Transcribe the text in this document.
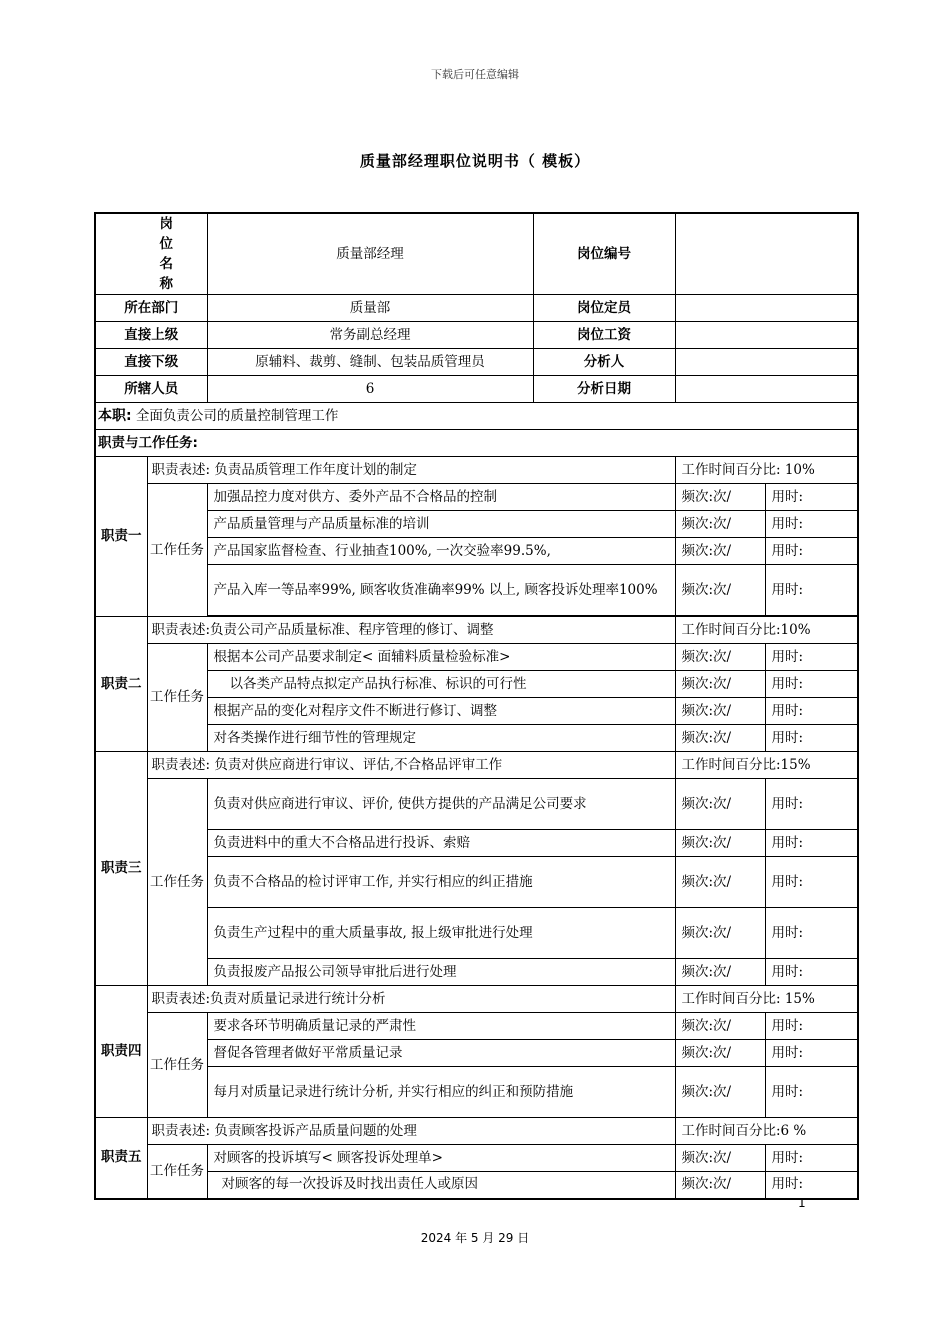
下载后可任意编辑
质量部经理职位说明书（ 模板）
岗位名称		质量部经理	岗位编号		
所在部门		质量部	岗位定员		
直接上级		常务副总经理	岗位工资		
直接下级		原辅料、裁剪、缝制、包装品质管理员	分析人		
所辖人员		6	分析日期		
本职: 全面负责公司的质量控制管理工作					
职责与工作任务:					
职责一	职责表述: 负责品质管理工作年度计划的制定			工作时间百分比: 10%	
	工作任务	加强品控力度对供方、委外产品不合格品的控制		频次:次/	用时:
		产品质量管理与产品质量标准的培训		频次:次/	用时:
		产品国家监督检查、行业抽查100%, 一次交验率99.5%,		频次:次/	用时:
		产品入库一等品率99%, 顾客收货准确率99% 以上, 顾客投诉处理率100%		频次:次/	用时:

职责二	职责表述:负责公司产品质量标准、程序管理的修订、调整			工作时间百分比:10%	
	工作任务	根据本公司产品要求制定< 面辅料质量检验标准>		频次:次/	用时:
		以各类产品特点拟定产品执行标准、标识的可行性		频次:次/	用时:
		根据产品的变化对程序文件不断进行修订、调整		频次:次/	用时:
		对各类操作进行细节性的管理规定		频次:次/	用时:
职责三	职责表述: 负责对供应商进行审议、评估,不合格品评审工作			工作时间百分比:15%	
	工作任务	负责对供应商进行审议、评价, 使供方提供的产品满足公司要求		频次:次/	用时:
		负责进料中的重大不合格品进行投诉、索赔		频次:次/	用时:
		负责不合格品的检讨评审工作, 并实行相应的纠正措施		频次:次/	用时:
		负责生产过程中的重大质量事故, 报上级审批进行处理		频次:次/	用时:
		负责报废产品报公司领导审批后进行处理		频次:次/	用时:
职责四	职责表述:负责对质量记录进行统计分析			工作时间百分比: 15%	
	工作任务	要求各环节明确质量记录的严肃性		频次:次/	用时:
		督促各管理者做好平常质量记录		频次:次/	用时:
		每月对质量记录进行统计分析, 并实行相应的纠正和预防措施		频次:次/	用时:
职责五	职责表述: 负责顾客投诉产品质量问题的处理			工作时间百分比:6 %	
	工作任务	对顾客的投诉填写< 顾客投诉处理单>		频次:次/	用时:
		对顾客的每一次投诉及时找出责任人或原因		频次:次/	用时:
1
2024 年 5 月 29 日
